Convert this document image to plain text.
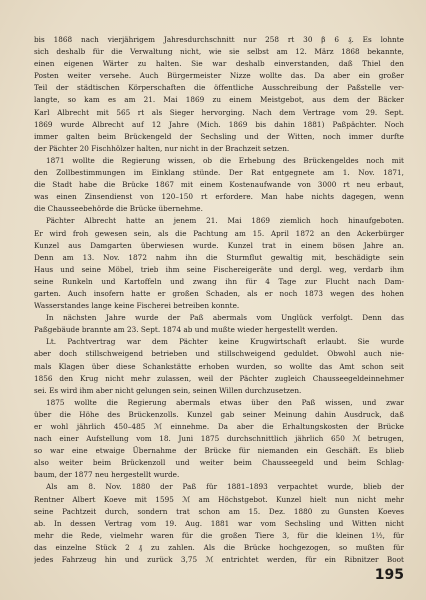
bis 1868 nach vierjährigem Jahresdurchschnitt nur 258 rt 30 β 6 ₰. Es lohnte
sich deshalb für die Verwaltung nicht, wie sie selbst am 12. März 1868 bekannte,
einen eigenen Wärter zu halten. Sie war deshalb einverstanden, daß Thiel den
Posten weiter versehe. Auch Bürgermeister Nizze wollte das. Da aber ein großer
Teil der städtischen Körperschaften die öffentliche Ausschreibung der Paßstelle ver-
langte, so kam es am 21. Mai 1869 zu einem Meistgebot, aus dem der Bäcker
Karl Albrecht mit 565 rt als Sieger hervorging. Nach dem Vertrage vom 29. Sept.
1869 wurde Albrecht auf 12 Jahre (Mich. 1869 bis dahin 1881) Paßpächter. Noch
immer galten beim Brückengeld der Sechsling und der Witten, noch immer durfte
der Pächter 20 Fischhölzer halten, nur nicht in der Brachzeit setzen.
1871 wollte die Regierung wissen, ob die Erhebung des Brückengeldes noch mit
den Zollbestimmungen im Einklang stünde. Der Rat entgegnete am 1. Nov. 1871,
die Stadt habe die Brücke 1867 mit einem Kostenaufwande von 3000 rt neu erbaut,
was einen Zinsendienst von 120–150 rt erfordere. Man habe nichts dagegen, wenn
die Chausseebehörde die Brücke übernehme.
Pächter Albrecht hatte an jenem 21. Mai 1869 ziemlich hoch hinaufgeboten.
Er wird froh gewesen sein, als die Pachtung am 15. April 1872 an den Ackerbürger
Kunzel aus Damgarten überwiesen wurde. Kunzel trat in einem bösen Jahre an.
Denn am 13. Nov. 1872 nahm ihn die Sturmflut gewaltig mit, beschädigte sein
Haus und seine Möbel, trieb ihm seine Fischereigeräte und dergl. weg, verdarb ihm
seine Runkeln und Kartoffeln und zwang ihn für 4 Tage zur Flucht nach Dam-
garten. Auch insofern hatte er großen Schaden, als er noch 1873 wegen des hohen
Wasserstandes lange keine Fischerei betreiben konnte.
In nächsten Jahre wurde der Paß abermals vom Unglück verfolgt. Denn das
Paßgebäude brannte am 23. Sept. 1874 ab und mußte wieder hergestellt werden.
Lt. Pachtvertrag war dem Pächter keine Krugwirtschaft erlaubt. Sie wurde
aber doch stillschweigend betrieben und stillschweigend geduldet. Obwohl auch nie-
mals Klagen über diese Schankstätte erhoben wurden, so wollte das Amt schon seit
1856 den Krug nicht mehr zulassen, weil der Pächter zugleich Chausseegeldeinnehmer
sei. Es wird ihm aber nicht gelungen sein, seinen Willen durchzusetzen.
1875 wollte die Regierung abermals etwas über den Paß wissen, und zwar
über die Höhe des Brückenzolls. Kunzel gab seiner Meinung dahin Ausdruck, daß
er wohl jährlich 450–485 ℳ einnehme. Da aber die Erhaltungskosten der Brücke
nach einer Aufstellung vom 18. Juni 1875 durchschnittlich jährlich 650 ℳ betrugen,
so war eine etwaige Übernahme der Brücke für niemanden ein Geschäft. Es blieb
also weiter beim Brückenzoll und weiter beim Chausseegeld und beim Schlag-
baum, der 1877 neu hergestellt wurde.
Als am 8. Nov. 1880 der Paß für 1881–1893 verpachtet wurde, blieb der
Rentner Albert Koeve mit 1595 ℳ am Höchstgebot. Kunzel hielt nun nicht mehr
seine Pachtzeit durch, sondern trat schon am 15. Dez. 1880 zu Gunsten Koeves
ab. In dessen Vertrag vom 19. Aug. 1881 war vom Sechsling und Witten nicht
mehr die Rede, vielmehr waren für die großen Tiere 3, für die kleinen 1½, für
das einzelne Stück 2 ₰ zu zahlen. Als die Brücke hochgezogen, so mußten für
jedes Fahrzeug hin und zurück 3,75 ℳ entrichtet werden, für ein Ribnitzer Boot
195
